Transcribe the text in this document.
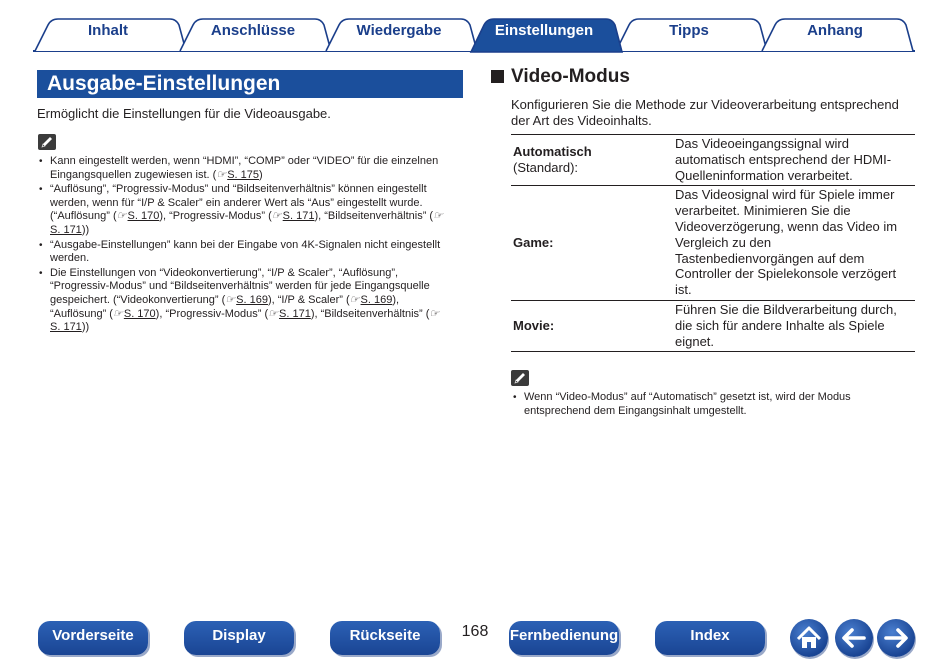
Inhalt	Anschlüsse	Wiedergabe	Einstellungen	Tipps	Anhang
Ausgabe-Einstellungen

Ermöglicht die Einstellungen für die Videoausgabe.

• Kann eingestellt werden, wenn “HDMI”, “COMP” oder “VIDEO” für die einzelnen Eingangsquellen zugewiesen ist. (☞S. 175)
• “Auflösung”, “Progressiv-Modus” und “Bildseitenverhältnis” können eingestellt werden, wenn für “I/P & Scaler” ein anderer Wert als “Aus” eingestellt wurde. (“Auflösung” (☞S. 170), “Progressiv-Modus” (☞S. 171), “Bildseitenverhältnis” (☞S. 171))
• “Ausgabe-Einstellungen” kann bei der Eingabe von 4K-Signalen nicht eingestellt werden.
• Die Einstellungen von “Videokonvertierung”, “I/P & Scaler”, “Auflösung”, “Progressiv-Modus” und “Bildseitenverhältnis” werden für jede Eingangsquelle gespeichert. (“Videokonvertierung” (☞S. 169), “I/P & Scaler” (☞S. 169), “Auflösung” (☞S. 170), “Progressiv-Modus” (☞S. 171), “Bildseitenverhältnis” (☞S. 171))
Video-Modus

Konfigurieren Sie die Methode zur Videoverarbeitung entsprechend der Art des Videoinhalts.

Automatisch
(Standard):	Das Videoeingangssignal wird automatisch entsprechend der HDMI-Quelleninformation verarbeitet.
Game:	Das Videosignal wird für Spiele immer verarbeitet. Minimieren Sie die Videoverzögerung, wenn das Video im Vergleich zu den Tastenbedienvorgängen auf dem Controller der Spielekonsole verzögert ist.
Movie:	Führen Sie die Bildverarbeitung durch, die sich für andere Inhalte als Spiele eignet.
• Wenn “Video-Modus” auf “Automatisch” gesetzt ist, wird der Modus entsprechend dem Eingangsinhalt umgestellt.
Vorderseite	Display	Rückseite	168	Fernbedienung	Index
